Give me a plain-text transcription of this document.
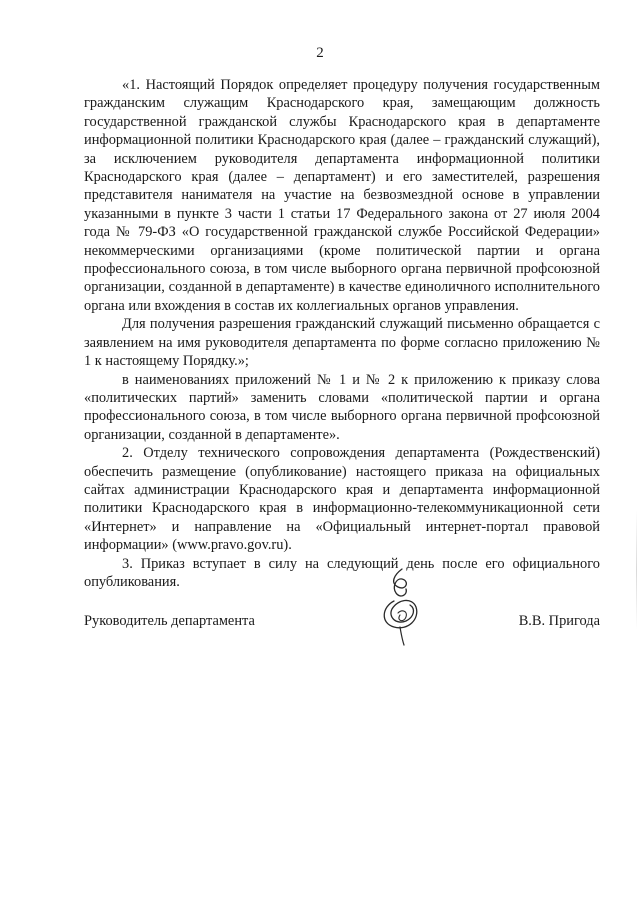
2

«1. Настоящий Порядок определяет процедуру получения государственным гражданским служащим Краснодарского края, замещающим должность государственной гражданской службы Краснодарского края в департаменте информационной политики Краснодарского края (далее – гражданский служащий), за исключением руководителя департамента информационной политики Краснодарского края (далее – департамент) и его заместителей, разрешения представителя нанимателя на участие на безвозмездной основе в управлении указанными в пункте 3 части 1 статьи 17 Федерального закона от 27 июля 2004 года № 79-ФЗ «О государственной гражданской службе Российской Федерации» некоммерческими организациями (кроме политической партии и органа профессионального союза, в том числе выборного органа первичной профсоюзной организации, созданной в департаменте) в качестве единоличного исполнительного органа или вхождения в состав их коллегиальных органов управления.

Для получения разрешения гражданский служащий письменно обращается с заявлением на имя руководителя департамента по форме согласно приложению № 1 к настоящему Порядку.»;

в наименованиях приложений № 1 и № 2 к приложению к приказу слова «политических партий» заменить словами «политической партии и органа профессионального союза, в том числе выборного органа первичной профсоюзной организации, созданной в департаменте».

2. Отделу технического сопровождения департамента (Рождественский) обеспечить размещение (опубликование) настоящего приказа на официальных сайтах администрации Краснодарского края и департамента информационной политики Краснодарского края в информационно-телекоммуникационной сети «Интернет» и направление на «Официальный интернет-портал правовой информации» (www.pravo.gov.ru).

3. Приказ вступает в силу на следующий день после его официального опубликования.

Руководитель департамента	В.В. Пригода
